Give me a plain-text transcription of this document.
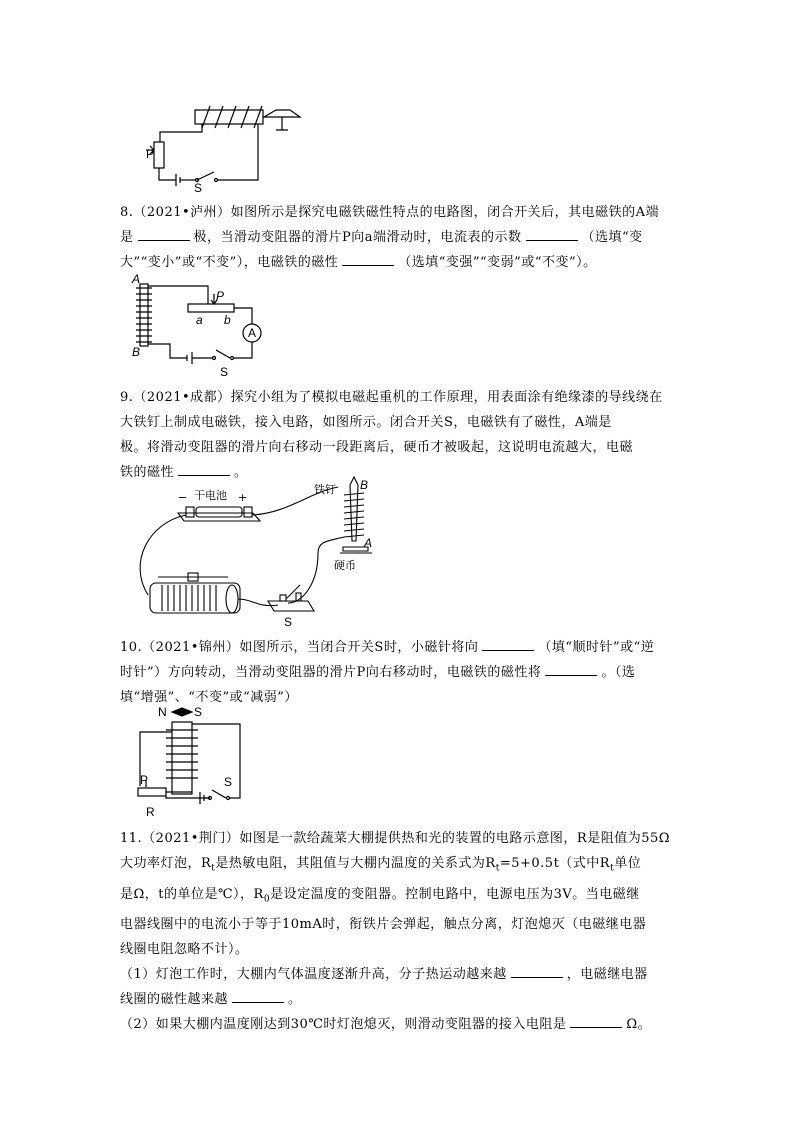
P
S

8.（2021•泸州）如图所示是探究电磁铁磁性特点的电路图，闭合开关后，其电磁铁的A端

是	极，当滑动变阻器的滑片P向a端滑动时，电流表的示数	（选填“变

大”“变小”或“不变”），电磁铁的磁性	（选填“变强”“变弱”或“不变”）。

A
B
P
a b
A
S

9.（2021•成都）探究小组为了模拟电磁起重机的工作原理，用表面涂有绝缘漆的导线绕在

大铁钉上制成电磁铁，接入电路，如图所示。闭合开关S，电磁铁有了磁性，A端是

极。将滑动变阻器的滑片向右移动一段距离后，硬币才被吸起，这说明电流越大，电磁

铁的磁性	。

− 干电池 +
铁钉 B
A
硬币
S

10.（2021•锦州）如图所示，当闭合开关S时，小磁针将向	（填“顺时针”或“逆

时针”）方向转动，当滑动变阻器的滑片P向右移动时，电磁铁的磁性将	。（选

填“增强”、“不变”或“减弱”）

N S
S
P
R

11.（2021•荆门）如图是一款给蔬菜大棚提供热和光的装置的电路示意图，R是阻值为55Ω

大功率灯泡，$R_t$是热敏电阻，其阻值与大棚内温度的关系式为$R_t=5+0.5t$（式中$R_t$单位

是Ω，t的单位是℃），$R_0$是设定温度的变阻器。控制电路中，电源电压为3V。当电磁继

电器线圈中的电流小于等于10mA时，衔铁片会弹起，触点分离，灯泡熄灭（电磁继电器

线圈电阻忽略不计）。

（1）灯泡工作时，大棚内气体温度逐渐升高，分子热运动越来越	，电磁继电器

线圈的磁性越来越	。

（2）如果大棚内温度刚达到30℃时灯泡熄灭，则滑动变阻器的接入电阻是	Ω。
